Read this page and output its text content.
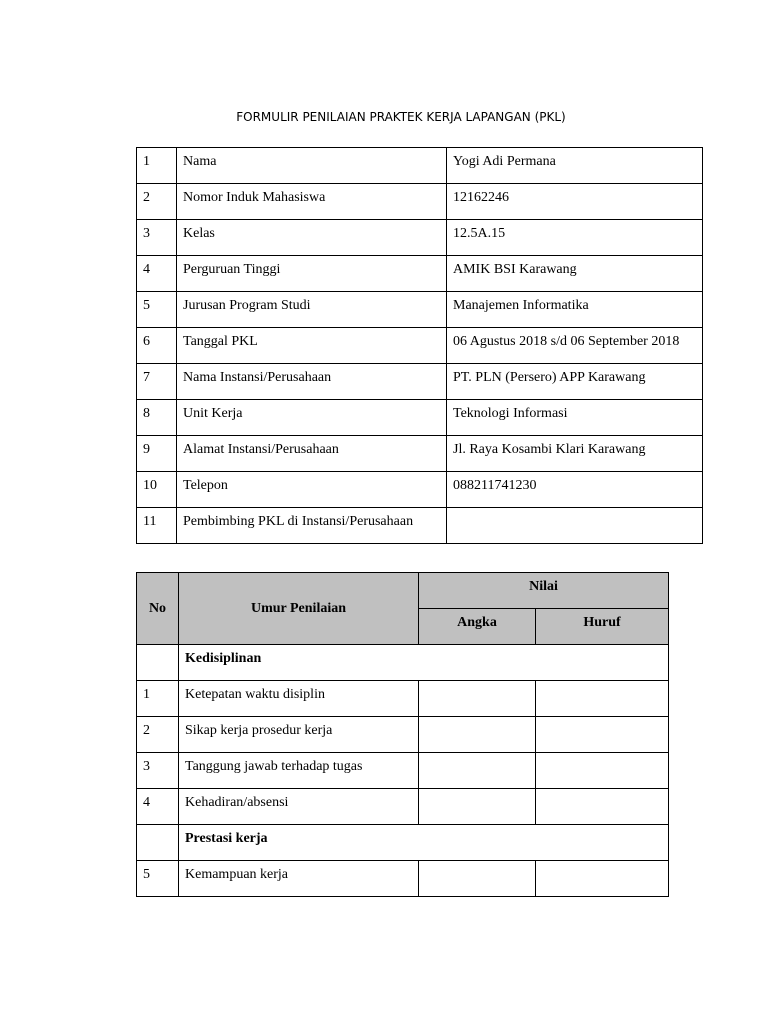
FORMULIR PENILAIAN PRAKTEK KERJA LAPANGAN (PKL)
1	Nama	Yogi Adi Permana
2	Nomor Induk Mahasiswa	12162246
3	Kelas	12.5A.15
4	Perguruan Tinggi	AMIK BSI Karawang
5	Jurusan Program Studi	Manajemen Informatika
6	Tanggal PKL	06 Agustus 2018 s/d 06 September 2018
7	Nama Instansi/Perusahaan	PT. PLN (Persero) APP Karawang
8	Unit Kerja	Teknologi Informasi
9	Alamat Instansi/Perusahaan	Jl. Raya Kosambi Klari Karawang
10	Telepon	088211741230
11	Pembimbing PKL di Instansi/Perusahaan	
No	Umur Penilaian	Nilai	
		Angka	Huruf
	Kedisiplinan		
1	Ketepatan waktu disiplin		
2	Sikap kerja prosedur kerja		
3	Tanggung jawab terhadap tugas		
4	Kehadiran/absensi		
	Prestasi kerja		
5	Kemampuan kerja		
